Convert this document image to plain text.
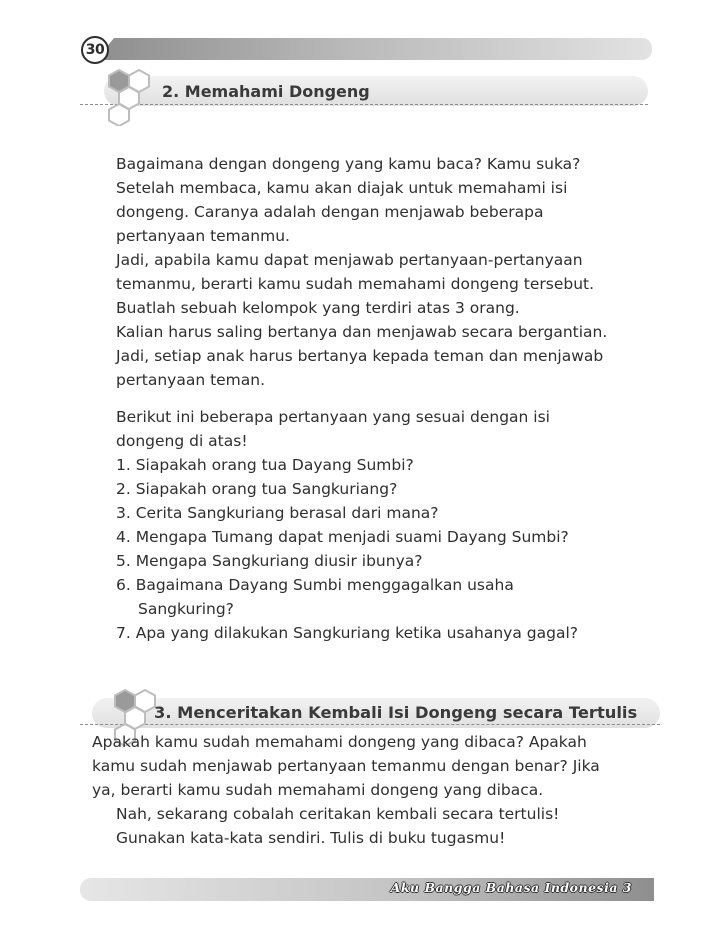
30
2. Memahami Dongeng
Bagaimana dengan dongeng yang kamu baca? Kamu suka?
Setelah membaca, kamu akan diajak untuk memahami isi
dongeng. Caranya adalah dengan menjawab beberapa
pertanyaan temanmu.
Jadi, apabila kamu dapat menjawab pertanyaan-pertanyaan
temanmu, berarti kamu sudah memahami dongeng tersebut.
Buatlah sebuah kelompok yang terdiri atas 3 orang.
Kalian harus saling bertanya dan menjawab secara bergantian.
Jadi, setiap anak harus bertanya kepada teman dan menjawab
pertanyaan teman.
Berikut ini beberapa pertanyaan yang sesuai dengan isi
dongeng di atas!
1. Siapakah orang tua Dayang Sumbi?
2. Siapakah orang tua Sangkuriang?
3. Cerita Sangkuriang berasal dari mana?
4. Mengapa Tumang dapat menjadi suami Dayang Sumbi?
5. Mengapa Sangkuriang diusir ibunya?
6. Bagaimana Dayang Sumbi menggagalkan usaha
Sangkuring?
7. Apa yang dilakukan Sangkuriang ketika usahanya gagal?
3. Menceritakan Kembali Isi Dongeng secara Tertulis
Apakah kamu sudah memahami dongeng yang dibaca? Apakah
kamu sudah menjawab pertanyaan temanmu dengan benar? Jika
ya, berarti kamu sudah memahami dongeng yang dibaca.
Nah, sekarang cobalah ceritakan kembali secara tertulis!
Gunakan kata-kata sendiri. Tulis di buku tugasmu!
Aku Bangga Bahasa Indonesia 3
